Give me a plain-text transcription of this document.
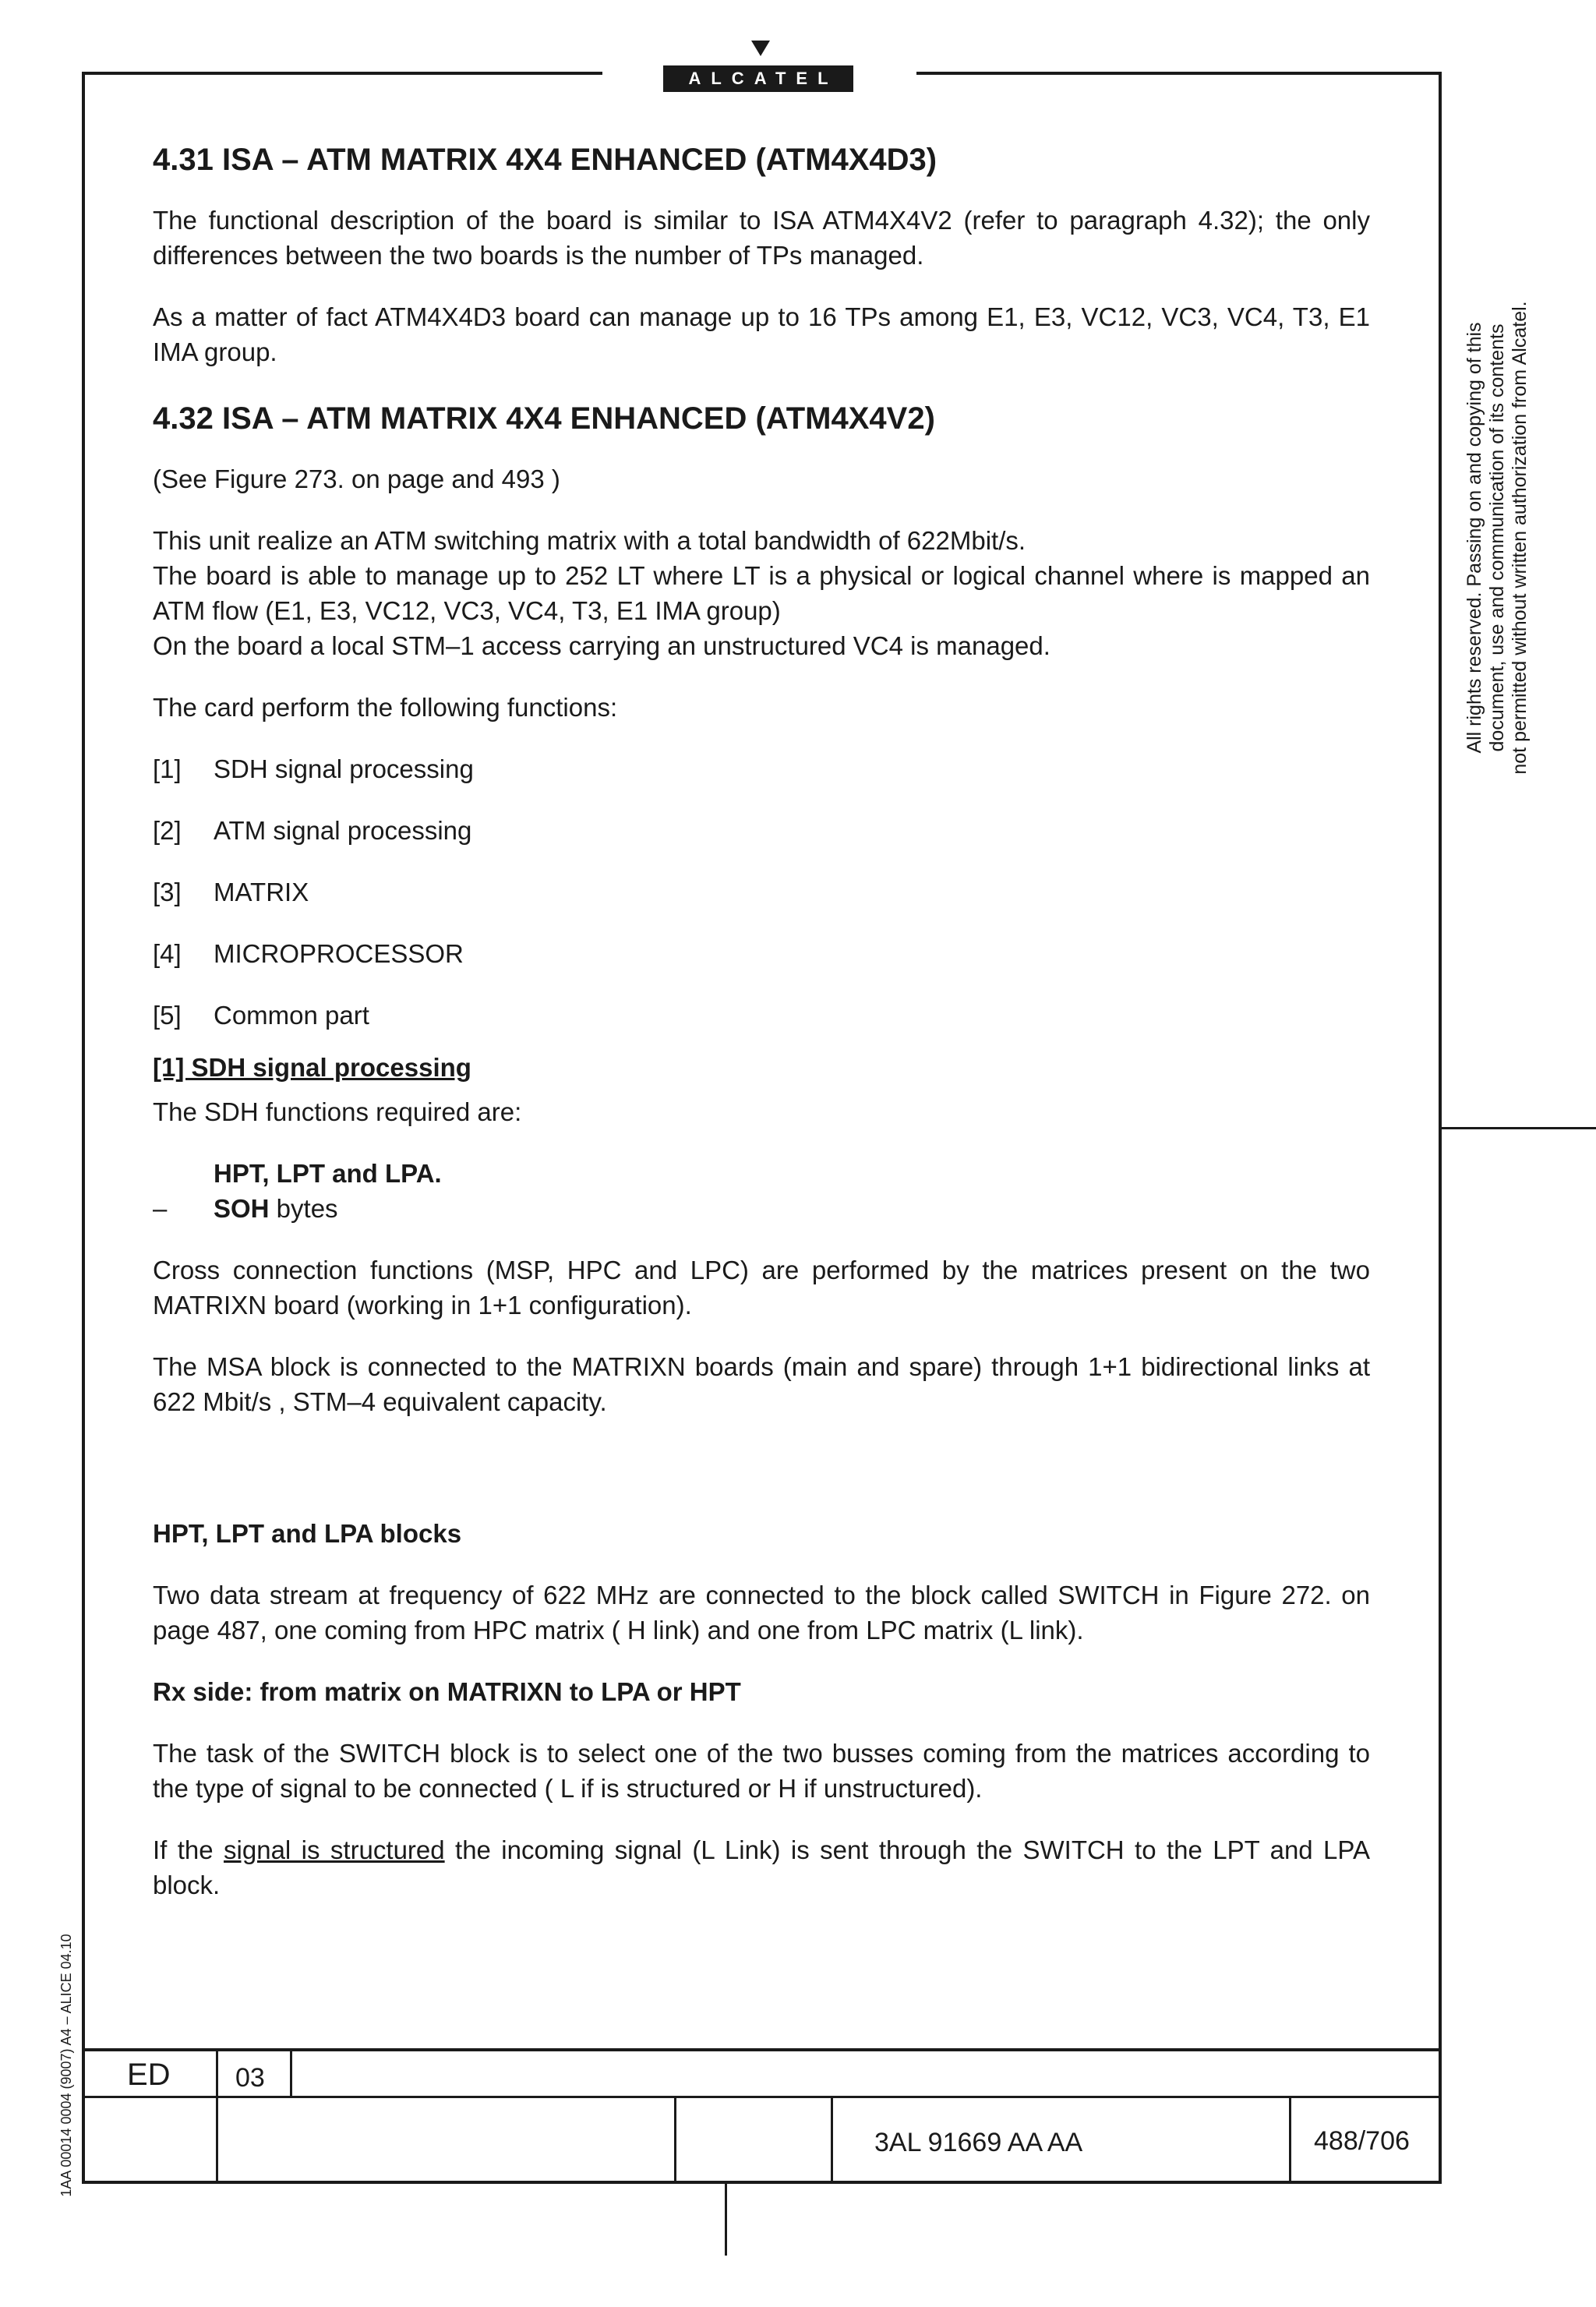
ALCATEL
4.31 ISA – ATM MATRIX 4X4 ENHANCED (ATM4X4D3)

The functional description of the board is similar to ISA ATM4X4V2 (refer to paragraph 4.32); the only differences between the two boards is the number of TPs managed.

As a matter of fact ATM4X4D3 board can manage up to 16 TPs among E1, E3, VC12, VC3, VC4, T3, E1 IMA group.

4.32 ISA – ATM MATRIX 4X4 ENHANCED (ATM4X4V2)

(See Figure 273. on page and 493 )

This unit realize an ATM switching matrix with a total bandwidth of 622Mbit/s.
The board is able to manage up to 252 LT where LT is a physical or logical channel where is mapped an ATM flow (E1, E3, VC12, VC3, VC4, T3, E1 IMA group)
On the board a local STM–1 access carrying an unstructured VC4 is managed.

The card perform the following functions:

[1]	SDH signal processing
[2]	ATM signal processing
[3]	MATRIX
[4]	MICROPROCESSOR
[5]	Common part
[1] SDH signal processing

The SDH functions required are:

HPT, LPT and LPA.
–	SOH bytes

Cross connection functions (MSP, HPC and LPC) are performed by the matrices present on the two MATRIXN board (working in 1+1 configuration).

The MSA block is connected to the MATRIXN boards (main and spare) through 1+1 bidirectional links at 622 Mbit/s , STM–4 equivalent capacity.

HPT, LPT and LPA blocks

Two data stream at frequency of 622 MHz are connected to the block called SWITCH in Figure 272. on page 487, one coming from HPC matrix ( H link) and one from LPC matrix (L link).

Rx side: from matrix on MATRIXN to LPA or HPT

The task of the SWITCH block is to select one of the two busses coming from the matrices according to the type of signal to be connected ( L if is structured or H if unstructured).

If the signal is structured the incoming signal (L Link) is sent through the SWITCH to the LPT and LPA block.

All rights reserved. Passing on and copying of this document, use and communication of its contents not permitted without written authorization from Alcatel.
1AA 00014 0004 (9007) A4 – ALICE 04.10 ED 03
3AL 91669 AA AA	488/706
